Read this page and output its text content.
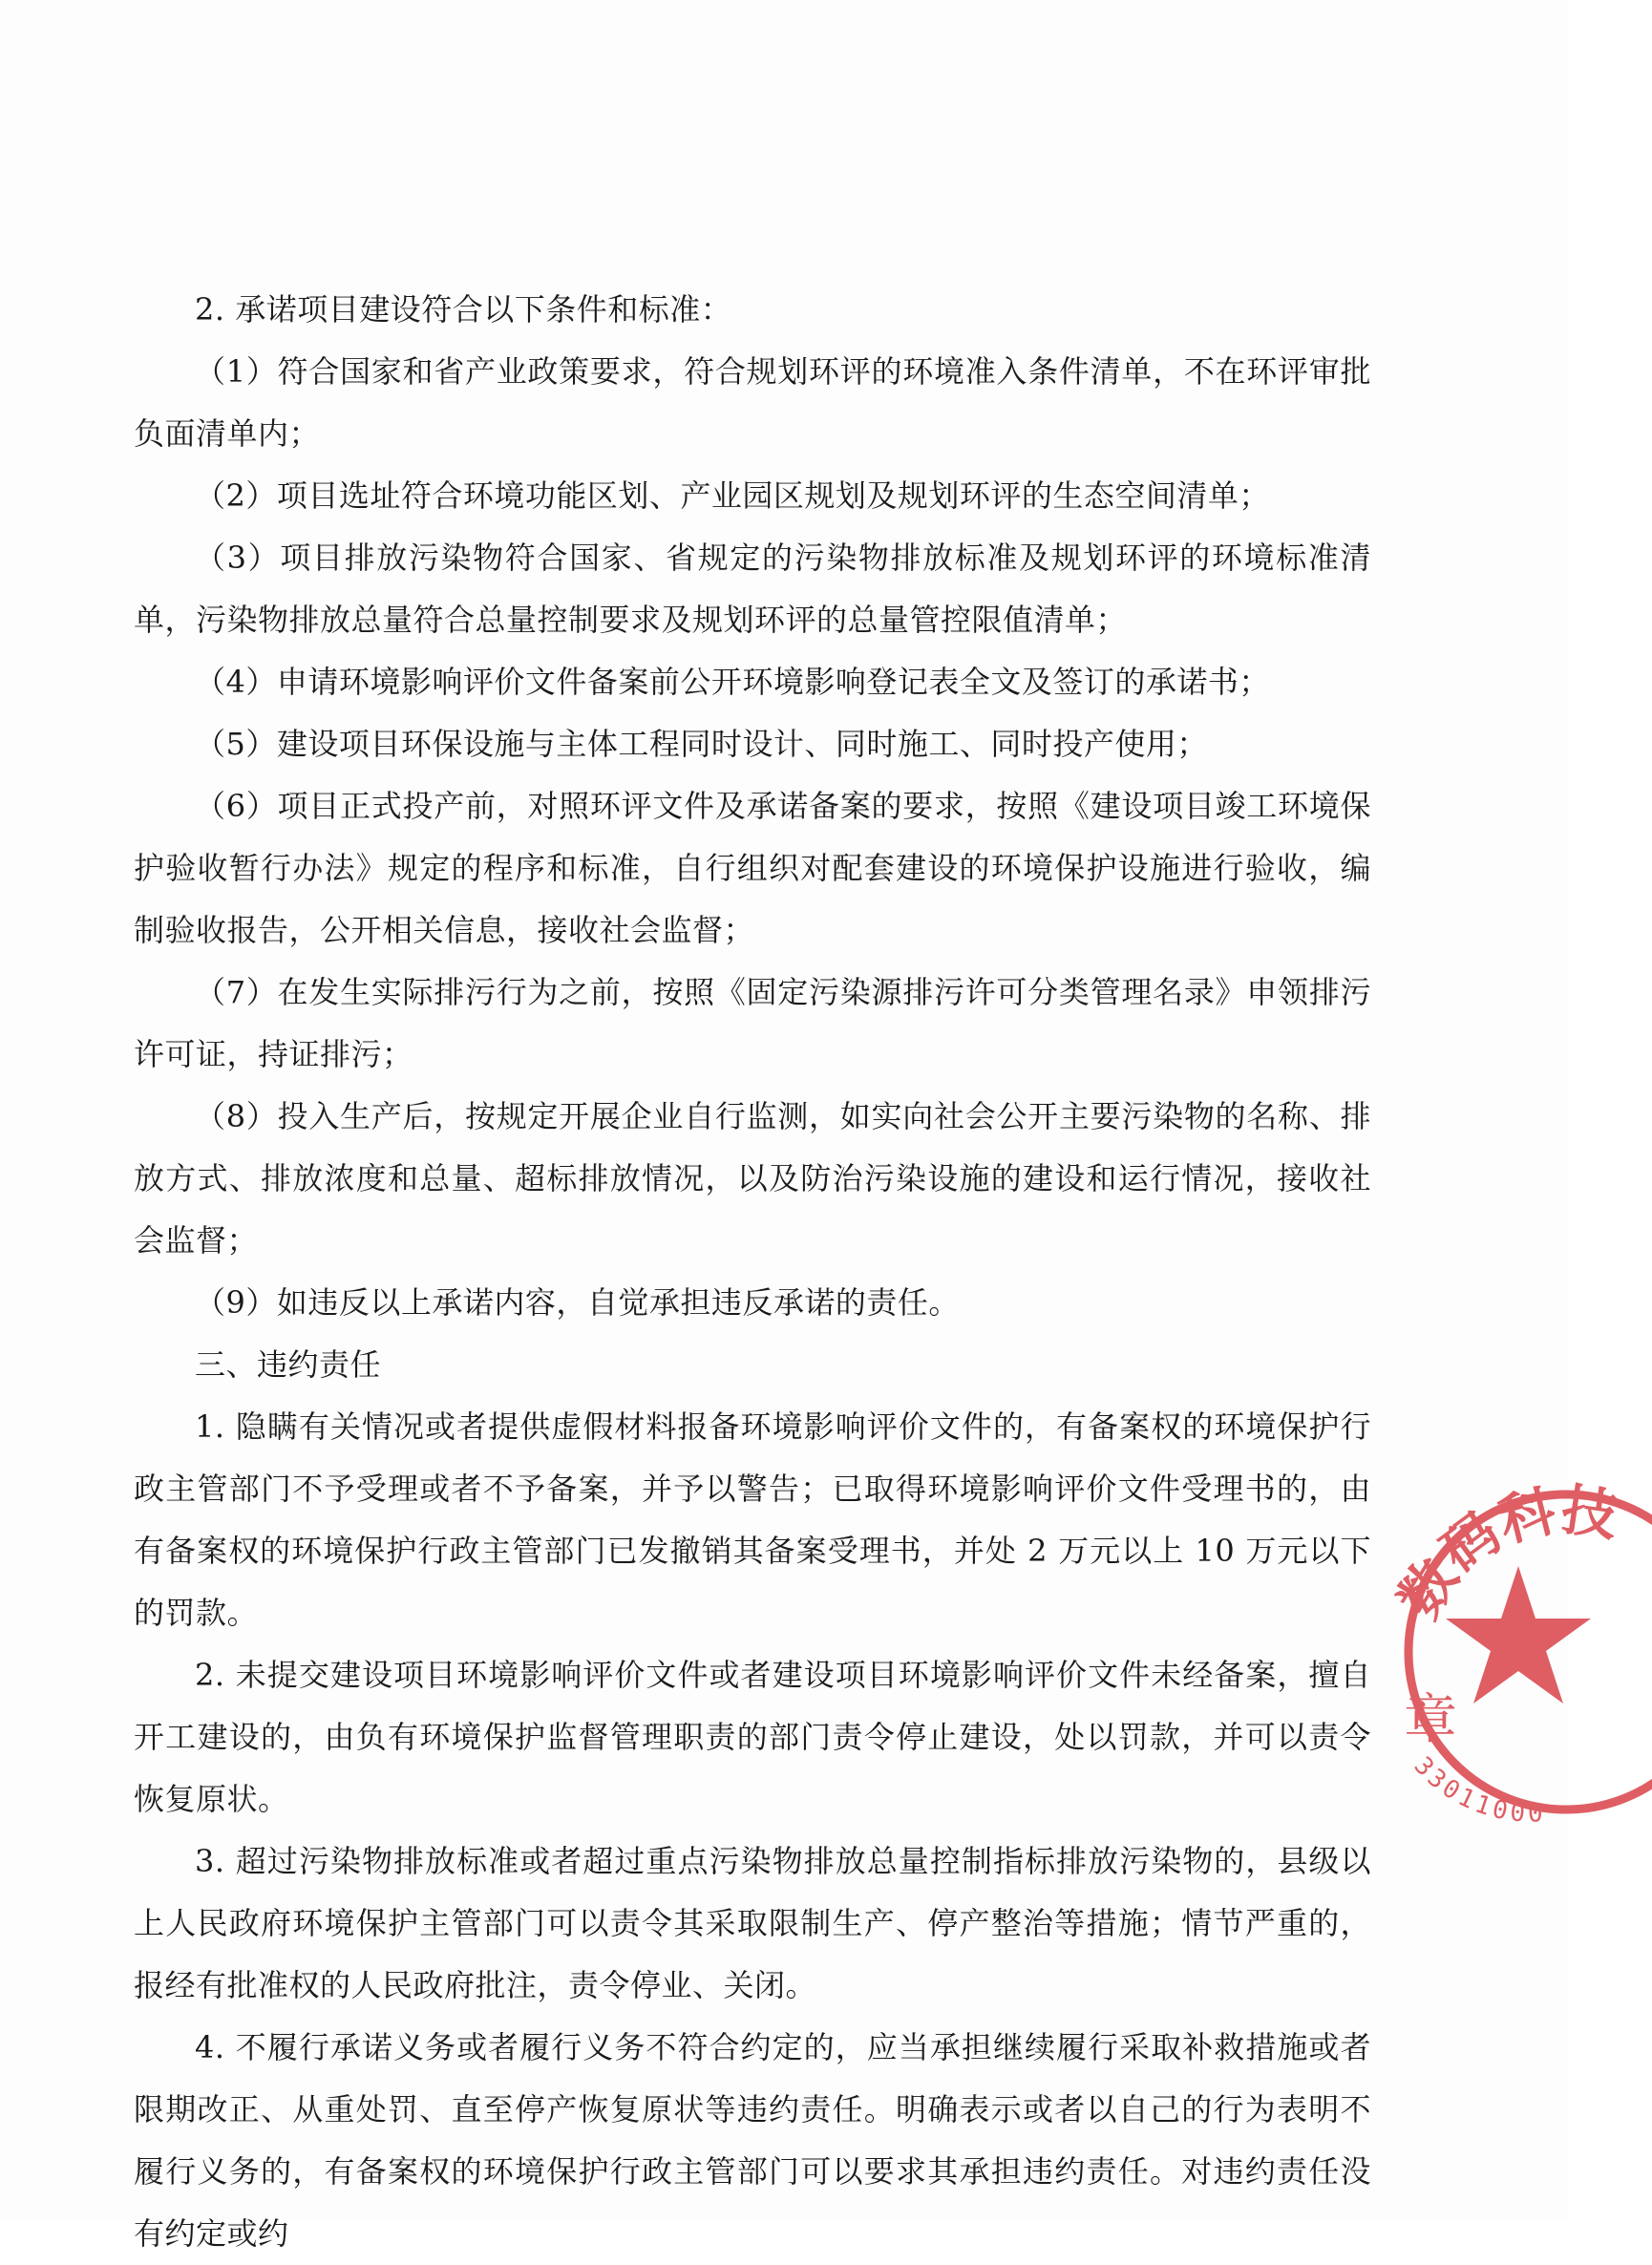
2. 承诺项目建设符合以下条件和标准：

（1）符合国家和省产业政策要求，符合规划环评的环境准入条件清单，不在环评审批负面清单内；

（2）项目选址符合环境功能区划、产业园区规划及规划环评的生态空间清单；

（3）项目排放污染物符合国家、省规定的污染物排放标准及规划环评的环境标准清单，污染物排放总量符合总量控制要求及规划环评的总量管控限值清单；

（4）申请环境影响评价文件备案前公开环境影响登记表全文及签订的承诺书；

（5）建设项目环保设施与主体工程同时设计、同时施工、同时投产使用；

（6）项目正式投产前，对照环评文件及承诺备案的要求，按照《建设项目竣工环境保护验收暂行办法》规定的程序和标准，自行组织对配套建设的环境保护设施进行验收，编制验收报告，公开相关信息，接收社会监督；

（7）在发生实际排污行为之前，按照《固定污染源排污许可分类管理名录》申领排污许可证，持证排污；

（8）投入生产后，按规定开展企业自行监测，如实向社会公开主要污染物的名称、排放方式、排放浓度和总量、超标排放情况，以及防治污染设施的建设和运行情况，接收社会监督；

（9）如违反以上承诺内容，自觉承担违反承诺的责任。

三、违约责任

1. 隐瞒有关情况或者提供虚假材料报备环境影响评价文件的，有备案权的环境保护行政主管部门不予受理或者不予备案，并予以警告；已取得环境影响评价文件受理书的，由有备案权的环境保护行政主管部门已发撤销其备案受理书，并处 2 万元以上 10 万元以下的罚款。

2. 未提交建设项目环境影响评价文件或者建设项目环境影响评价文件未经备案，擅自开工建设的，由负有环境保护监督管理职责的部门责令停止建设，处以罚款，并可以责令恢复原状。

3. 超过污染物排放标准或者超过重点污染物排放总量控制指标排放污染物的，县级以上人民政府环境保护主管部门可以责令其采取限制生产、停产整治等措施；情节严重的，报经有批准权的人民政府批注，责令停业、关闭。

4. 不履行承诺义务或者履行义务不符合约定的，应当承担继续履行采取补救措施或者限期改正、从重处罚、直至停产恢复原状等违约责任。明确表示或者以自己的行为表明不履行义务的，有备案权的环境保护行政主管部门可以要求其承担违约责任。对违约责任没有约定或约

数码科技
章
33011000
